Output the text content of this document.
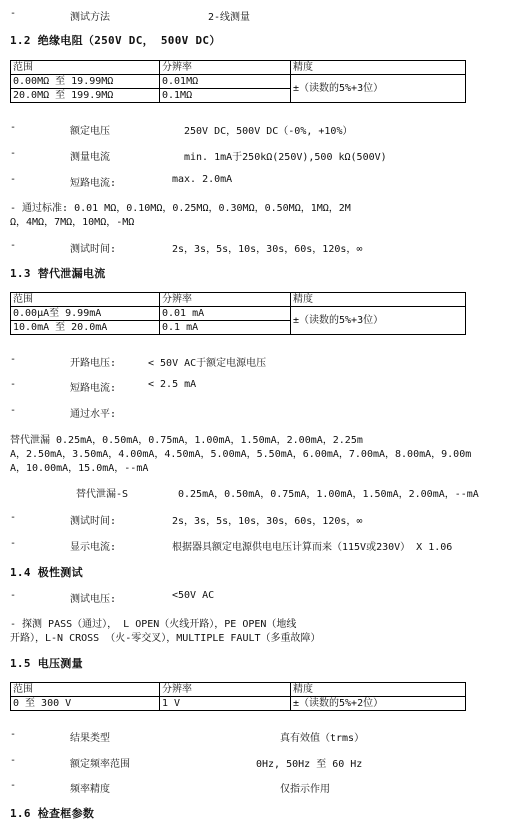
-	测试方法	2-线测量
1.2 绝缘电阻（250V DC， 500V DC）
范围	分辨率	精度
0.00MΩ 至 19.99MΩ	0.01MΩ	±（读数的5%+3位）
20.0MΩ 至 199.9MΩ	0.1MΩ	
-	额定电压	250V DC，500V DC（-0%, +10%）
-	测量电流	min. 1mA于250kΩ(250V),500 kΩ(500V)
-	短路电流:	max. 2.0mA
- 通过标准: 0.01 MΩ，0.10MΩ，0.25MΩ，0.30MΩ，0.50MΩ，1MΩ，2M
Ω，4MΩ，7MΩ，10MΩ，-MΩ
-	测试时间:	2s，3s，5s，10s，30s，60s，120s，∞
1.3 替代泄漏电流
范围	分辨率	精度
0.00μA至 9.99mA	0.01 mA	±（读数的5%+3位）
10.0mA 至 20.0mA	0.1 mA	
-	开路电压:	< 50V AC于额定电源电压
-	短路电流:	< 2.5 mA
-	通过水平:
替代泄漏 0.25mA，0.50mA，0.75mA，1.00mA，1.50mA，2.00mA，2.25m
A，2.50mA，3.50mA，4.00mA，4.50mA，5.00mA，5.50mA，6.00mA，7.00mA，8.00mA，9.00m
A，10.00mA，15.0mA，--mA
替代泄漏-S	0.25mA，0.50mA，0.75mA，1.00mA，1.50mA，2.00mA，--mA
-	测试时间:	2s，3s，5s，10s，30s，60s，120s，∞
-	显示电流:	根据器具额定电源供电电压计算而来（115V或230V） X 1.06
1.4 极性测试
-	测试电压:	<50V AC
- 探测 PASS（通过）， L OPEN（火线开路），PE OPEN（地线
开路），L-N CROSS （火-零交叉），MULTIPLE FAULT（多重故障）
1.5 电压测量
范围	分辨率	精度
0 至 300 V	1 V	±（读数的5%+2位）
-	结果类型	真有效值（trms）
-	额定频率范围	0Hz, 50Hz 至 60 Hz
-	频率精度	仅指示作用
1.6 检查框参数
